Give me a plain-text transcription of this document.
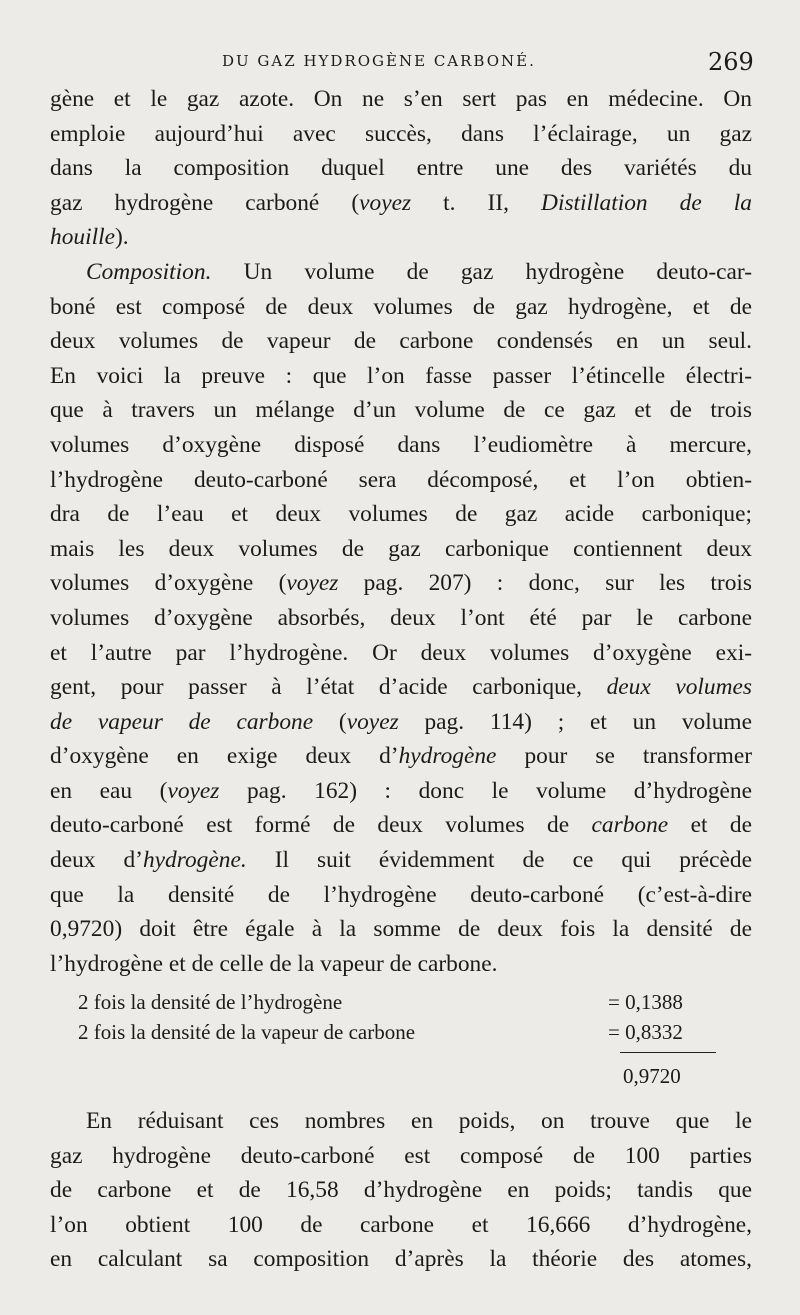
DU GAZ HYDROGÈNE CARBONÉ.	269
gène et le gaz azote. On ne s’en sert pas en médecine. On
emploie aujourd’hui avec succès, dans l’éclairage, un gaz
dans la composition duquel entre une des variétés du
gaz hydrogène carboné (voyez t. II, Distillation de la
houille).
Composition. Un volume de gaz hydrogène deuto-car-
boné est composé de deux volumes de gaz hydrogène, et de
deux volumes de vapeur de carbone condensés en un seul.
En voici la preuve : que l’on fasse passer l’étincelle électri-
que à travers un mélange d’un volume de ce gaz et de trois
volumes d’oxygène disposé dans l’eudiomètre à mercure,
l’hydrogène deuto-carboné sera décomposé, et l’on obtien-
dra de l’eau et deux volumes de gaz acide carbonique;
mais les deux volumes de gaz carbonique contiennent deux
volumes d’oxygène (voyez pag. 207) : donc, sur les trois
volumes d’oxygène absorbés, deux l’ont été par le carbone
et l’autre par l’hydrogène. Or deux volumes d’oxygène exi-
gent, pour passer à l’état d’acide carbonique, deux volumes
de vapeur de carbone (voyez pag. 114) ; et un volume
d’oxygène en exige deux d’hydrogène pour se transformer
en eau (voyez pag. 162) : donc le volume d’hydrogène
deuto-carboné est formé de deux volumes de carbone et de
deux d’hydrogène. Il suit évidemment de ce qui précède
que la densité de l’hydrogène deuto-carboné (c’est-à-dire
0,9720) doit être égale à la somme de deux fois la densité de
l’hydrogène et de celle de la vapeur de carbone.
2 fois la densité de l’hydrogène	= 0,1388
2 fois la densité de la vapeur de carbone	= 0,8332
0,9720
En réduisant ces nombres en poids, on trouve que le
gaz hydrogène deuto-carboné est composé de 100 parties
de carbone et de 16,58 d’hydrogène en poids; tandis que
l’on obtient 100 de carbone et 16,666 d’hydrogène,
en calculant sa composition d’après la théorie des atomes,
